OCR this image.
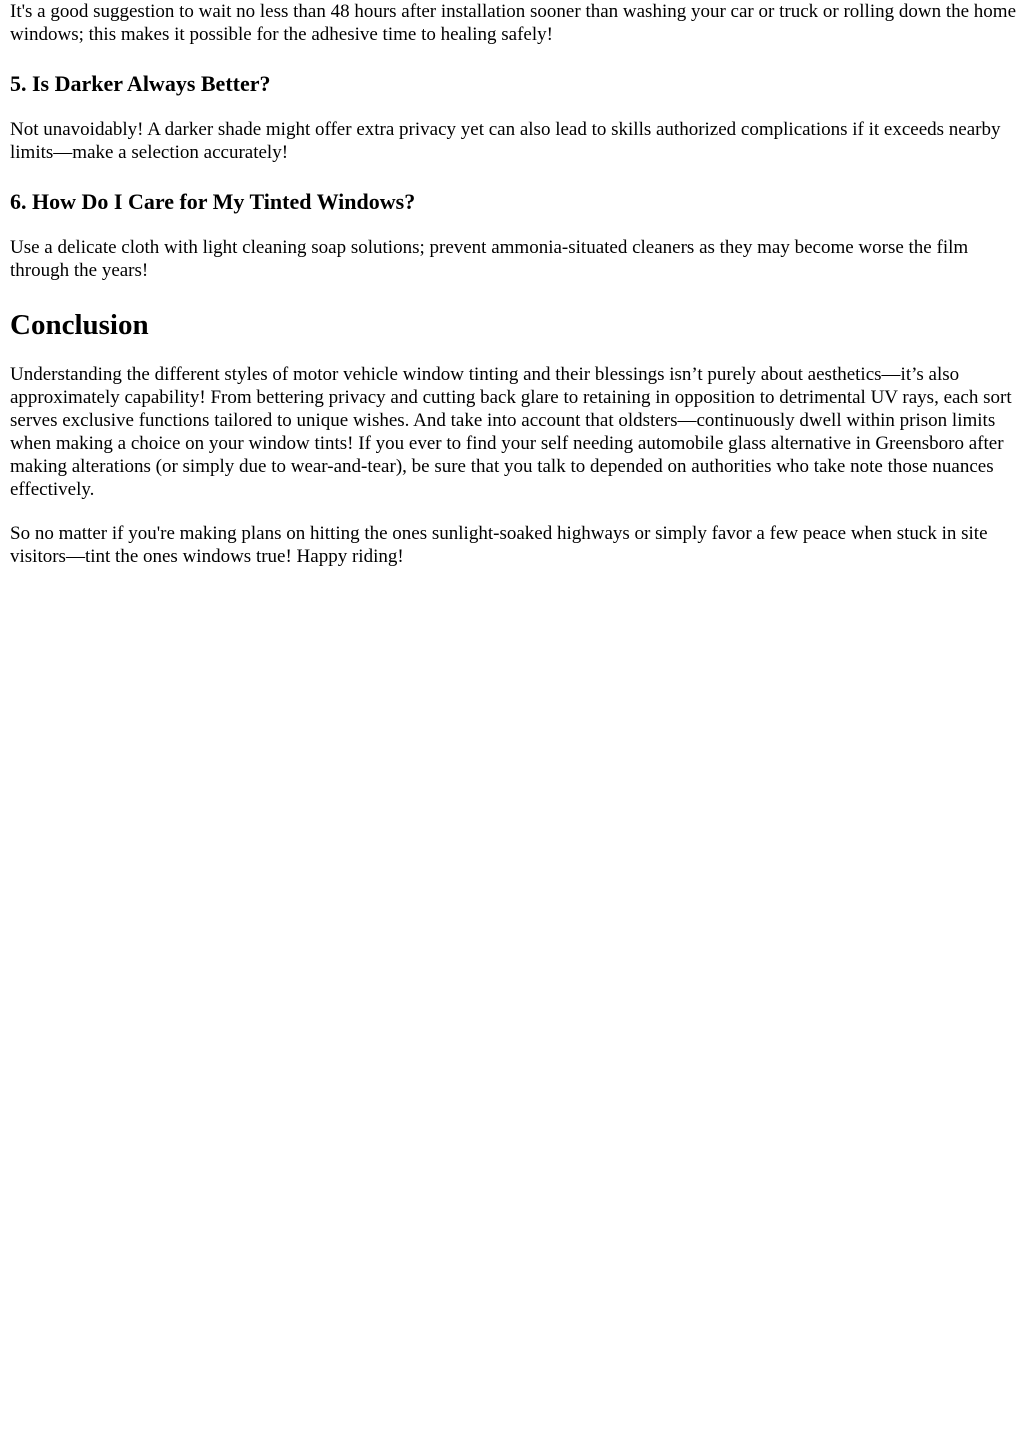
It's a good suggestion to wait no less than 48 hours after installation sooner than washing your car or truck or rolling down the home windows; this makes it possible for the adhesive time to healing safely!

5. Is Darker Always Better?

Not unavoidably! A darker shade might offer extra privacy yet can also lead to skills authorized complications if it exceeds nearby limits—make a selection accurately!

6. How Do I Care for My Tinted Windows?

Use a delicate cloth with light cleaning soap solutions; prevent ammonia-situated cleaners as they may become worse the film through the years!

Conclusion

Understanding the different styles of motor vehicle window tinting and their blessings isn’t purely about aesthetics—it’s also approximately capability! From bettering privacy and cutting back glare to retaining in opposition to detrimental UV rays, each sort serves exclusive functions tailored to unique wishes. And take into account that oldsters—continuously dwell within prison limits when making a choice on your window tints! If you ever to find your self needing automobile glass alternative in Greensboro after making alterations (or simply due to wear-and-tear), be sure that you talk to depended on authorities who take note those nuances effectively.

So no matter if you're making plans on hitting the ones sunlight-soaked highways or simply favor a few peace when stuck in site visitors—tint the ones windows true! Happy riding!
